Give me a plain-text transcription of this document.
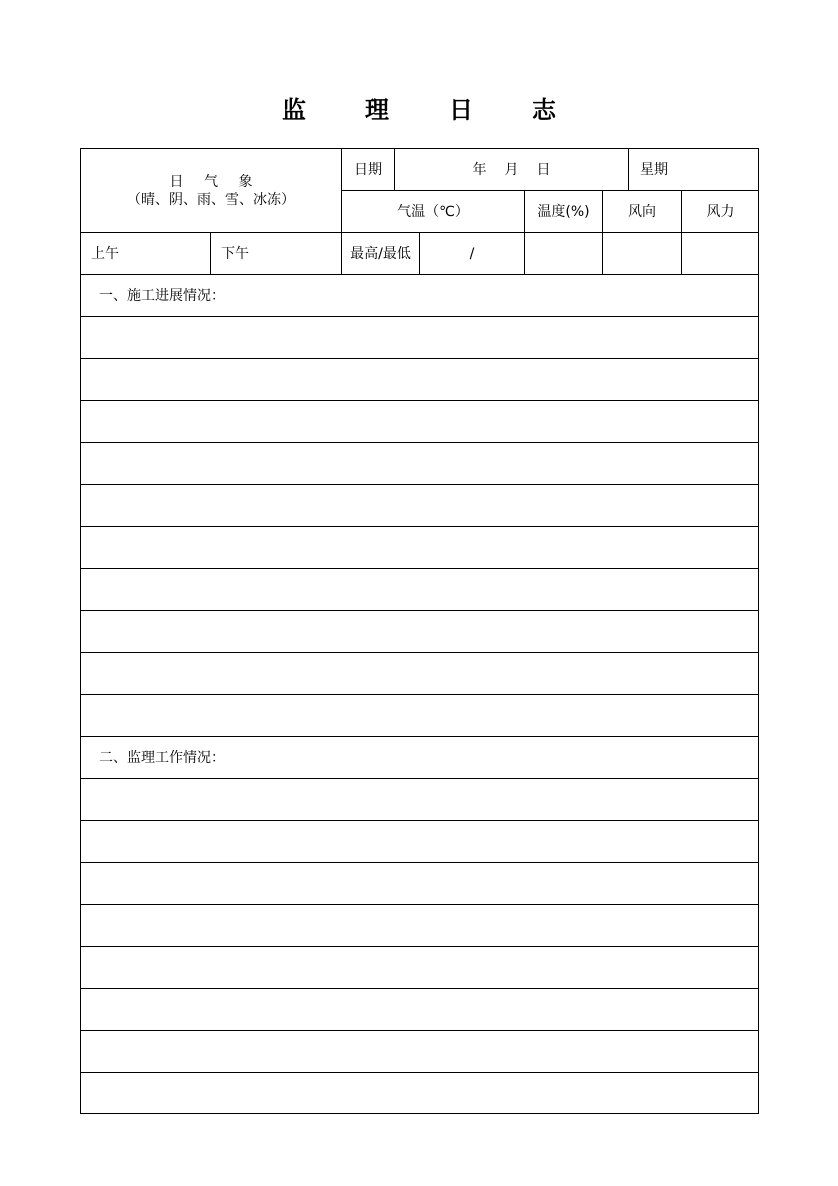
监 理	日 志
日 气 象
（晴、阴、雨、雪、冰冻）
日期	年 月 日	星期
气温（℃）	温度(%)	风向	风力
上午	下午	最高/最低	/
一、施工进展情况：
二、监理工作情况：
